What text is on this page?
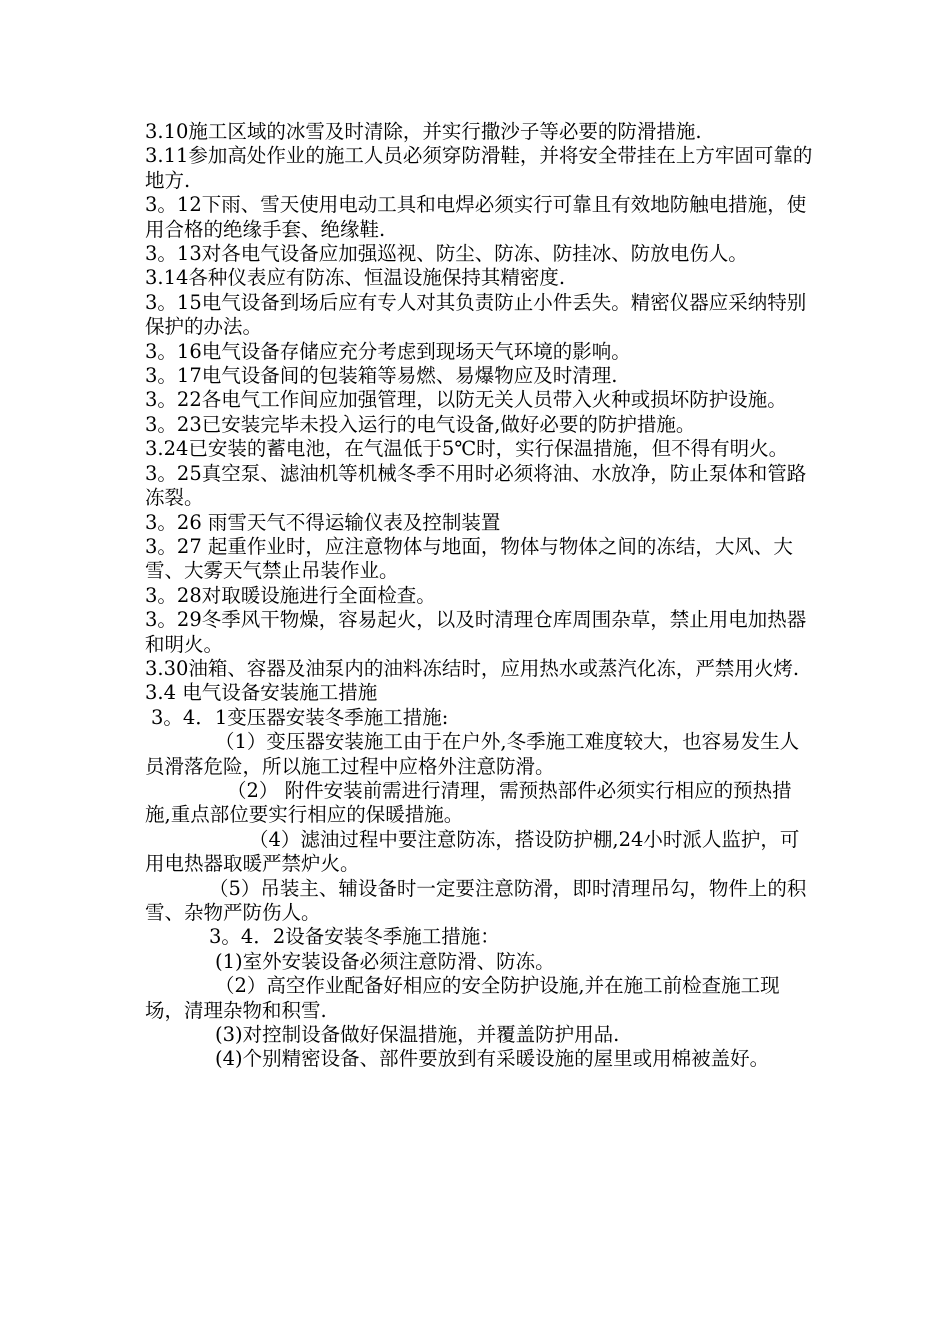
3.10施工区域的冰雪及时清除，并实行撒沙子等必要的防滑措施.

3.11参加高处作业的施工人员必须穿防滑鞋，并将安全带挂在上方牢固可靠的地方.

3。12下雨、雪天使用电动工具和电焊必须实行可靠且有效地防触电措施，使用合格的绝缘手套、绝缘鞋.

3。13对各电气设备应加强巡视、防尘、防冻、防挂冰、防放电伤人。

3.14各种仪表应有防冻、恒温设施保持其精密度.

3。15电气设备到场后应有专人对其负责防止小件丢失。精密仪器应采纳特别保护的办法。

3。16电气设备存储应充分考虑到现场天气环境的影响。

3。17电气设备间的包装箱等易燃、易爆物应及时清理.

3。22各电气工作间应加强管理，以防无关人员带入火种或损坏防护设施。

3。23已安装完毕未投入运行的电气设备,做好必要的防护措施。

3.24已安装的蓄电池，在气温低于5℃时，实行保温措施，但不得有明火。

3。25真空泵、滤油机等机械冬季不用时必须将油、水放净，防止泵体和管路冻裂。

3。26 雨雪天气不得运输仪表及控制装置

3。27 起重作业时，应注意物体与地面，物体与物体之间的冻结，大风、大雪、大雾天气禁止吊装作业。

3。28对取暖设施进行全面检查。

3。29冬季风干物燥，容易起火，以及时清理仓库周围杂草，禁止用电加热器和明火。

3.30油箱、容器及油泵内的油料冻结时，应用热水或蒸汽化冻，严禁用火烤.

3.4 电气设备安装施工措施

3。4．1变压器安装冬季施工措施:

（1）变压器安装施工由于在户外,冬季施工难度较大，也容易发生人员滑落危险，所以施工过程中应格外注意防滑。

（2） 附件安装前需进行清理，需预热部件必须实行相应的预热措施,重点部位要实行相应的保暖措施。

（4）滤油过程中要注意防冻，搭设防护棚,24小时派人监护，可用电热器取暖严禁炉火。

（5）吊装主、辅设备时一定要注意防滑，即时清理吊勾，物件上的积雪、杂物严防伤人。

3。4．2设备安装冬季施工措施：

(1)室外安装设备必须注意防滑、防冻。

（2）高空作业配备好相应的安全防护设施,并在施工前检查施工现场，清理杂物和积雪.

(3)对控制设备做好保温措施，并覆盖防护用品.

(4)个别精密设备、部件要放到有采暖设施的屋里或用棉被盖好。
